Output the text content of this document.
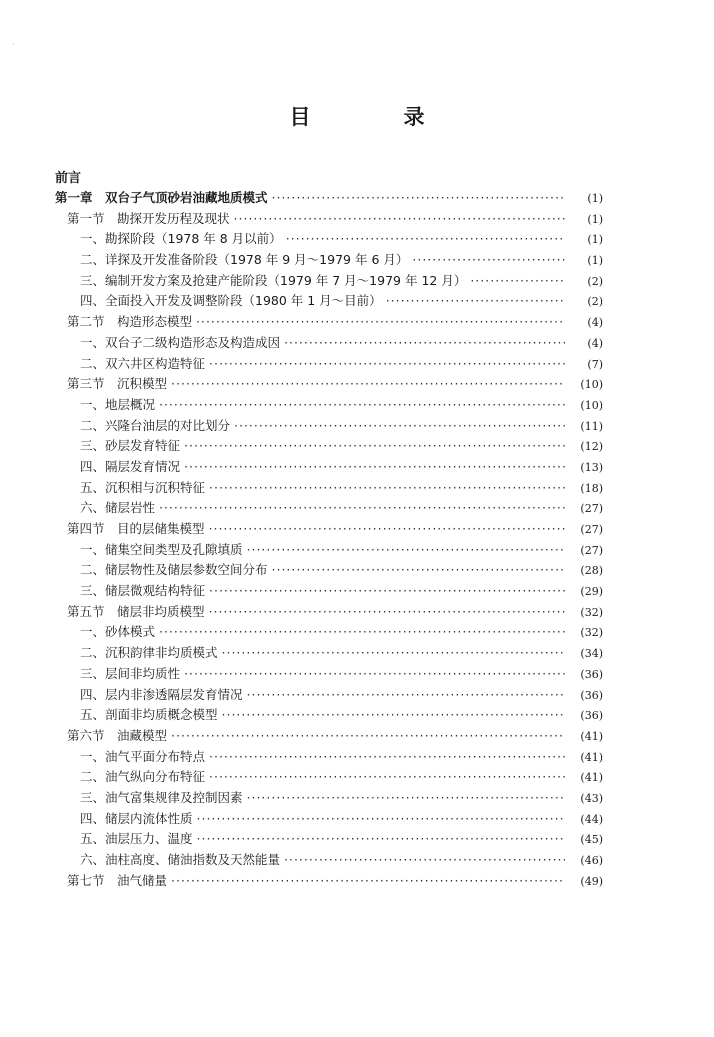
·
目　录
前言
第一章　双台子气顶砂岩油藏地质模式 ·····	(1)
第一节　勘探开发历程及现状 ·····	(1)
一、勘探阶段（1978 年 8 月以前） ·····	(1)
二、详探及开发准备阶段（1978 年 9 月～1979 年 6 月） ·····	(1)
三、编制开发方案及抢建产能阶段（1979 年 7 月～1979 年 12 月） ·····	(2)
四、全面投入开发及调整阶段（1980 年 1 月～目前） ·····	(2)
第二节　构造形态模型 ·····	(4)
一、双台子二级构造形态及构造成因 ·····	(4)
二、双六井区构造特征 ·····	(7)
第三节　沉积模型 ·····	(10)
一、地层概况 ·····	(10)
二、兴隆台油层的对比划分 ·····	(11)
三、砂层发育特征 ·····	(12)
四、隔层发育情况 ·····	(13)
五、沉积相与沉积特征 ·····	(18)
六、储层岩性 ·····	(27)
第四节　目的层储集模型 ·····	(27)
一、储集空间类型及孔隙填质 ·····	(27)
二、储层物性及储层参数空间分布 ·····	(28)
三、储层微观结构特征 ·····	(29)
第五节　储层非均质模型 ·····	(32)
一、砂体模式 ·····	(32)
二、沉积韵律非均质模式 ·····	(34)
三、层间非均质性 ·····	(36)
四、层内非渗透隔层发育情况 ·····	(36)
五、剖面非均质概念模型 ·····	(36)
第六节　油藏模型 ·····	(41)
一、油气平面分布特点 ·····	(41)
二、油气纵向分布特征 ·····	(41)
三、油气富集规律及控制因素 ·····	(43)
四、储层内流体性质 ·····	(44)
五、油层压力、温度 ·····	(45)
六、油柱高度、储油指数及天然能量 ·····	(46)
第七节　油气储量 ·····	(49)
